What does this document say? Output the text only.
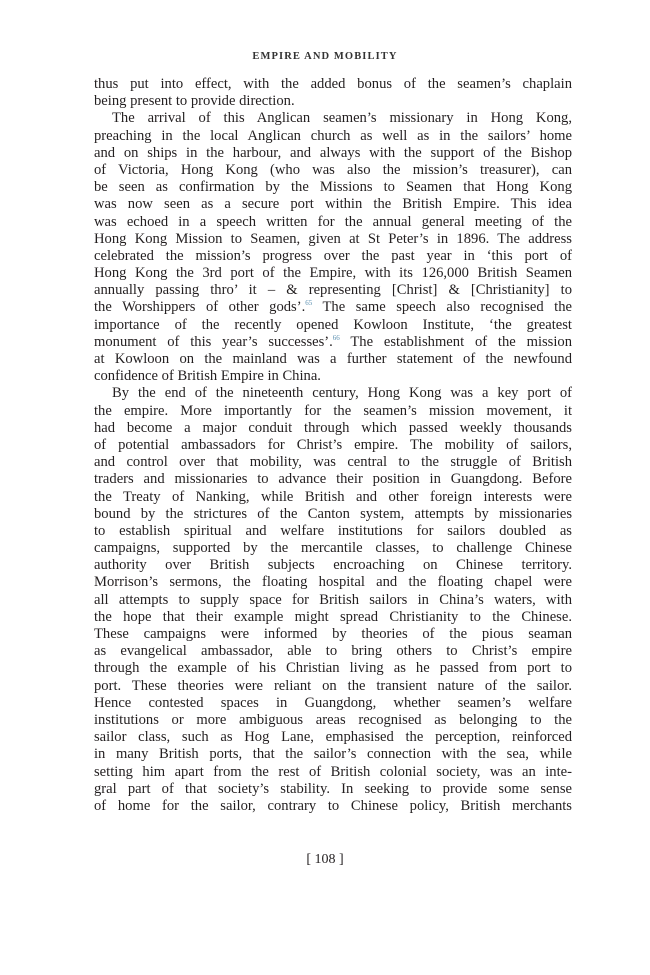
EMPIRE AND MOBILITY
thus put into effect, with the added bonus of the seamen’s chaplain
being present to provide direction.
The arrival of this Anglican seamen’s missionary in Hong Kong,
preaching in the local Anglican church as well as in the sailors’ home
and on ships in the harbour, and always with the support of the Bishop
of Victoria, Hong Kong (who was also the mission’s treasurer), can
be seen as confirmation by the Missions to Seamen that Hong Kong
was now seen as a secure port within the British Empire. This idea
was echoed in a speech written for the annual general meeting of the
Hong Kong Mission to Seamen, given at St Peter’s in 1896. The address
celebrated the mission’s progress over the past year in ‘this port of
Hong Kong the 3rd port of the Empire, with its 126,000 British Seamen
annually passing thro’ it – & representing [Christ] & [Christianity] to
the Worshippers of other gods’.$^{65}$ The same speech also recognised the
importance of the recently opened Kowloon Institute, ‘the greatest
monument of this year’s successes’.$^{66}$ The establishment of the mission
at Kowloon on the mainland was a further statement of the newfound
confidence of British Empire in China.
By the end of the nineteenth century, Hong Kong was a key port of
the empire. More importantly for the seamen’s mission movement, it
had become a major conduit through which passed weekly thousands
of potential ambassadors for Christ’s empire. The mobility of sailors,
and control over that mobility, was central to the struggle of British
traders and missionaries to advance their position in Guangdong. Before
the Treaty of Nanking, while British and other foreign interests were
bound by the strictures of the Canton system, attempts by missionaries
to establish spiritual and welfare institutions for sailors doubled as
campaigns, supported by the mercantile classes, to challenge Chinese
authority over British subjects encroaching on Chinese territory.
Morrison’s sermons, the floating hospital and the floating chapel were
all attempts to supply space for British sailors in China’s waters, with
the hope that their example might spread Christianity to the Chinese.
These campaigns were informed by theories of the pious seaman
as evangelical ambassador, able to bring others to Christ’s empire
through the example of his Christian living as he passed from port to
port. These theories were reliant on the transient nature of the sailor.
Hence contested spaces in Guangdong, whether seamen’s welfare
institutions or more ambiguous areas recognised as belonging to the
sailor class, such as Hog Lane, emphasised the perception, reinforced
in many British ports, that the sailor’s connection with the sea, while
setting him apart from the rest of British colonial society, was an inte-
gral part of that society’s stability. In seeking to provide some sense
of home for the sailor, contrary to Chinese policy, British merchants
[ 108 ]
